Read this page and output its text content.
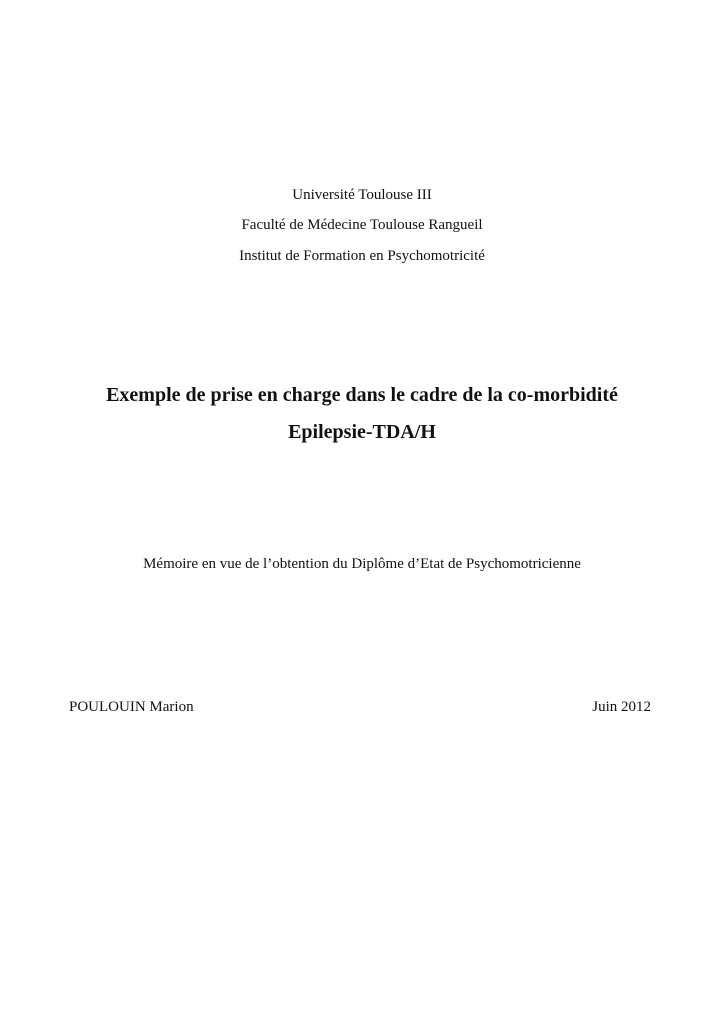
Université Toulouse III
Faculté de Médecine Toulouse Rangueil
Institut de Formation en Psychomotricité
Exemple de prise en charge dans le cadre de la co-morbidité
Epilepsie-TDA/H
Mémoire en vue de l’obtention du Diplôme d’Etat de Psychomotricienne
POULOUIN Marion	Juin 2012
